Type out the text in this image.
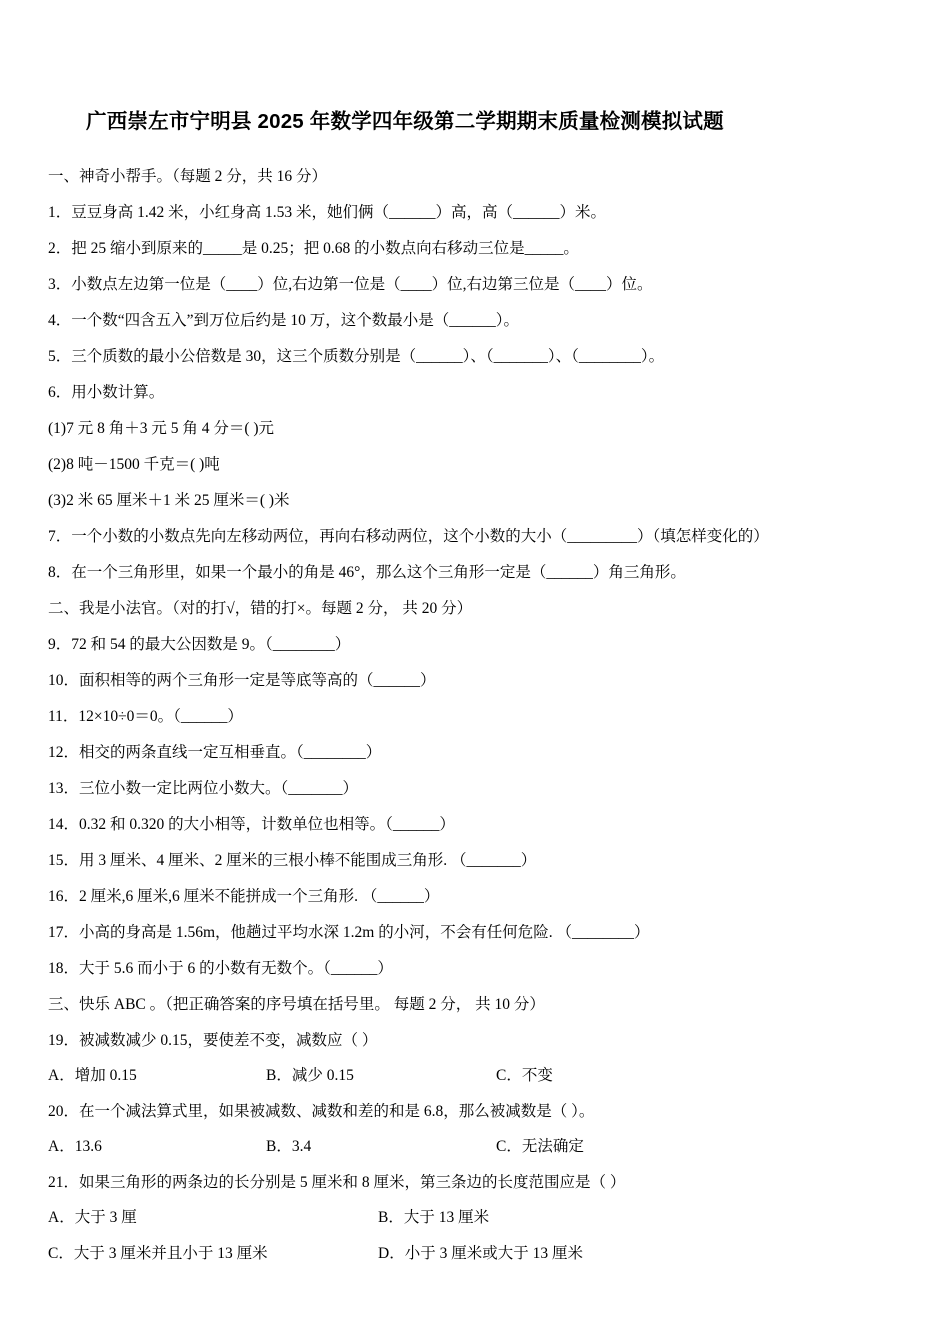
广西崇左市宁明县 2025 年数学四年级第二学期期末质量检测模拟试题

一、神奇小帮手。（每题 2 分，共 16 分）

1．豆豆身高 1.42 米，小红身高 1.53 米，她们俩（______）高，高（______）米。

2．把 25 缩小到原来的_____是 0.25；把 0.68 的小数点向右移动三位是_____。

3．小数点左边第一位是（____）位,右边第一位是（____）位,右边第三位是（____）位。

4．一个数“四含五入”到万位后约是 10 万，这个数最小是（______）。

5．三个质数的最小公倍数是 30，这三个质数分别是（______）、（_______）、（________）。

6．用小数计算。

(1)7 元 8 角＋3 元 5 角 4 分＝( )元

(2)8 吨－1500 千克＝( )吨

(3)2 米 65 厘米＋1 米 25 厘米＝( )米

7．一个小数的小数点先向左移动两位，再向右移动两位，这个小数的大小（_________）（填怎样变化的）

8．在一个三角形里，如果一个最小的角是 46°，那么这个三角形一定是（______）角三角形。

二、我是小法官。（对的打√，错的打×。每题 2 分， 共 20 分）

9．72 和 54 的最大公因数是 9。（________）

10．面积相等的两个三角形一定是等底等高的（______）

11．12×10÷0＝0。（______）

12．相交的两条直线一定互相垂直。（________）

13．三位小数一定比两位小数大。（_______）

14．0.32 和 0.320 的大小相等，计数单位也相等。（______）

15．用 3 厘米、4 厘米、2 厘米的三根小棒不能围成三角形. （_______）

16．2 厘米,6 厘米,6 厘米不能拼成一个三角形. （______）

17．小高的身高是 1.56m，他趟过平均水深 1.2m 的小河，不会有任何危险. （________）

18．大于 5.6 而小于 6 的小数有无数个。（______）

三、快乐 ABC 。（把正确答案的序号填在括号里。 每题 2 分， 共 10 分）

19．被减数减少 0.15，要使差不变，减数应（ ）

A．增加 0.15	B．减少 0.15	C．不变

20．在一个减法算式里，如果被减数、减数和差的和是 6.8，那么被减数是（ ）。

A．13.6	B．3.4	C．无法确定

21．如果三角形的两条边的长分别是 5 厘米和 8 厘米，第三条边的长度范围应是（ ）

A．大于 3 厘	B．大于 13 厘米
C．大于 3 厘米并且小于 13 厘米	D．小于 3 厘米或大于 13 厘米
